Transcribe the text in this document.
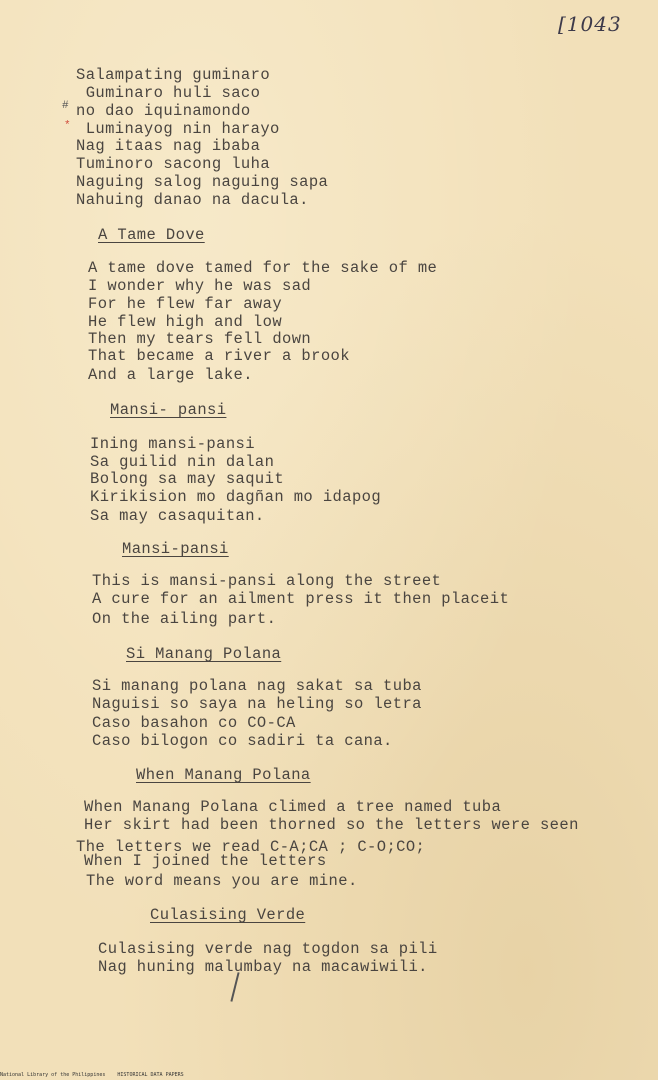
[1043
#
*
Salampating guminaro
Guminaro huli saco
no dao iquinamondo
Luminayog nin harayo
Nag itaas nag ibaba
Tuminoro sacong luha
Naguing salog naguing sapa
Nahuing danao na dacula.
A Tame Dove
A tame dove tamed for the sake of me
I wonder why he was sad
For he flew far away
He flew high and low
Then my tears fell down
That became a river a brook
And a large lake.
Mansi- pansi
Ining mansi-pansi
Sa guilid nin dalan
Bolong sa may saquit
Kirikision mo dagñan mo idapog
Sa may casaquitan.
Mansi-pansi
This is mansi-pansi along the street
A cure for an ailment press it then placeit
On the ailing part.
Si Manang Polana
Si manang polana nag sakat sa tuba
Naguisi so saya na heling so letra
Caso basahon co CO-CA
Caso bilogon co sadiri ta cana.
When Manang Polana
When Manang Polana climed a tree named tuba
Her skirt had been thorned so the letters were seen
The letters we read C-A;CA ; C-O;CO;
When I joined the letters
The word means you are mine.
Culasising Verde
Culasising verde nag togdon sa pili
Nag huning malumbay na macawiwili.
National Library of the Philippines    HISTORICAL DATA PAPERS
